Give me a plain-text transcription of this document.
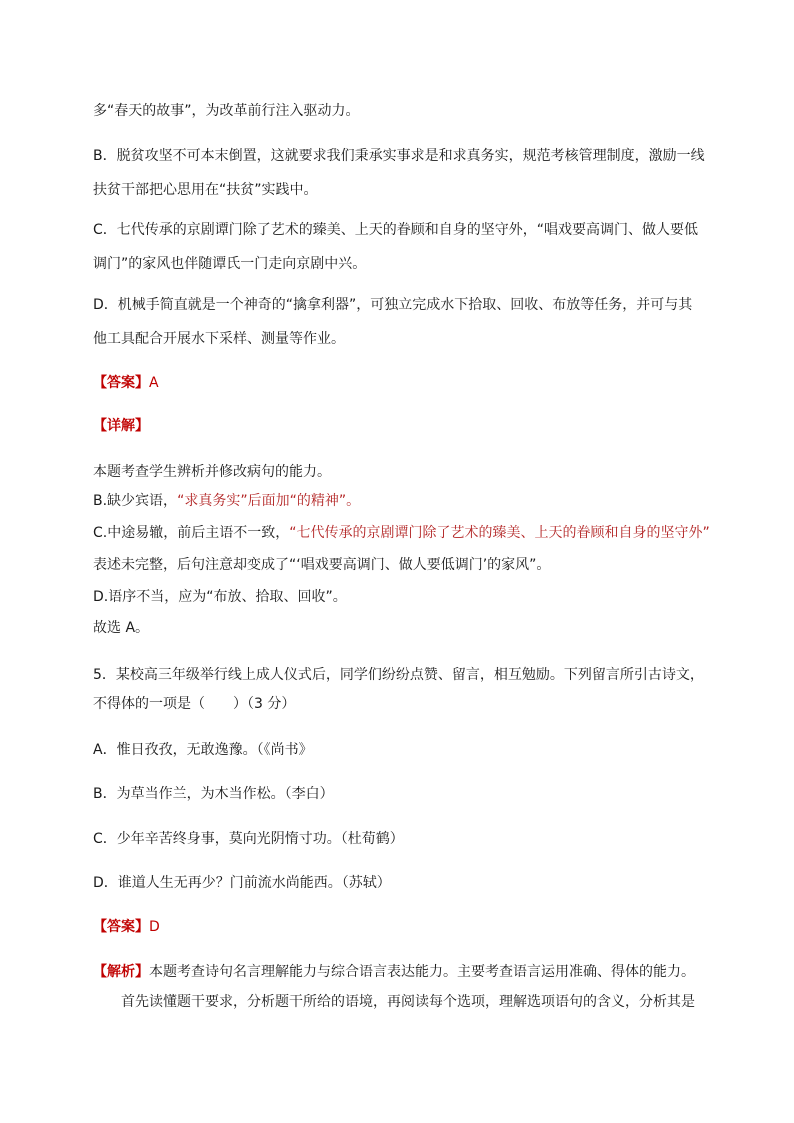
多“春天的故事”，为改革前行注入驱动力。

B．脱贫攻坚不可本末倒置，这就要求我们秉承实事求是和求真务实，规范考核管理制度，激励一线扶贫干部把心思用在“扶贫”实践中。

C．七代传承的京剧谭门除了艺术的臻美、上天的眷顾和自身的坚守外，“唱戏要高调门、做人要低调门”的家风也伴随谭氏一门走向京剧中兴。

D．机械手简直就是一个神奇的“擒拿利器”，可独立完成水下拾取、回收、布放等任务，并可与其他工具配合开展水下采样、测量等作业。

【答案】A

【详解】

本题考查学生辨析并修改病句的能力。

B.缺少宾语，“求真务实”后面加“的精神”。

C.中途易辙，前后主语不一致，“七代传承的京剧谭门除了艺术的臻美、上天的眷顾和自身的坚守外”

表述未完整，后句注意却变成了“‘唱戏要高调门、做人要低调门’的家风”。

D.语序不当，应为“布放、拾取、回收”。

故选 A。

5．某校高三年级举行线上成人仪式后，同学们纷纷点赞、留言，相互勉励。下列留言所引古诗文，

不得体的一项是（　　）（3 分）

A．惟日孜孜，无敢逸豫。（《尚书》

B．为草当作兰，为木当作松。（李白）

C．少年辛苦终身事，莫向光阴惰寸功。（杜荀鹤）

D．谁道人生无再少？门前流水尚能西。（苏轼）

【答案】D

【解析】本题考查诗句名言理解能力与综合语言表达能力。主要考查语言运用准确、得体的能力。

首先读懂题干要求，分析题干所给的语境，再阅读每个选项，理解选项语句的含义，分析其是
